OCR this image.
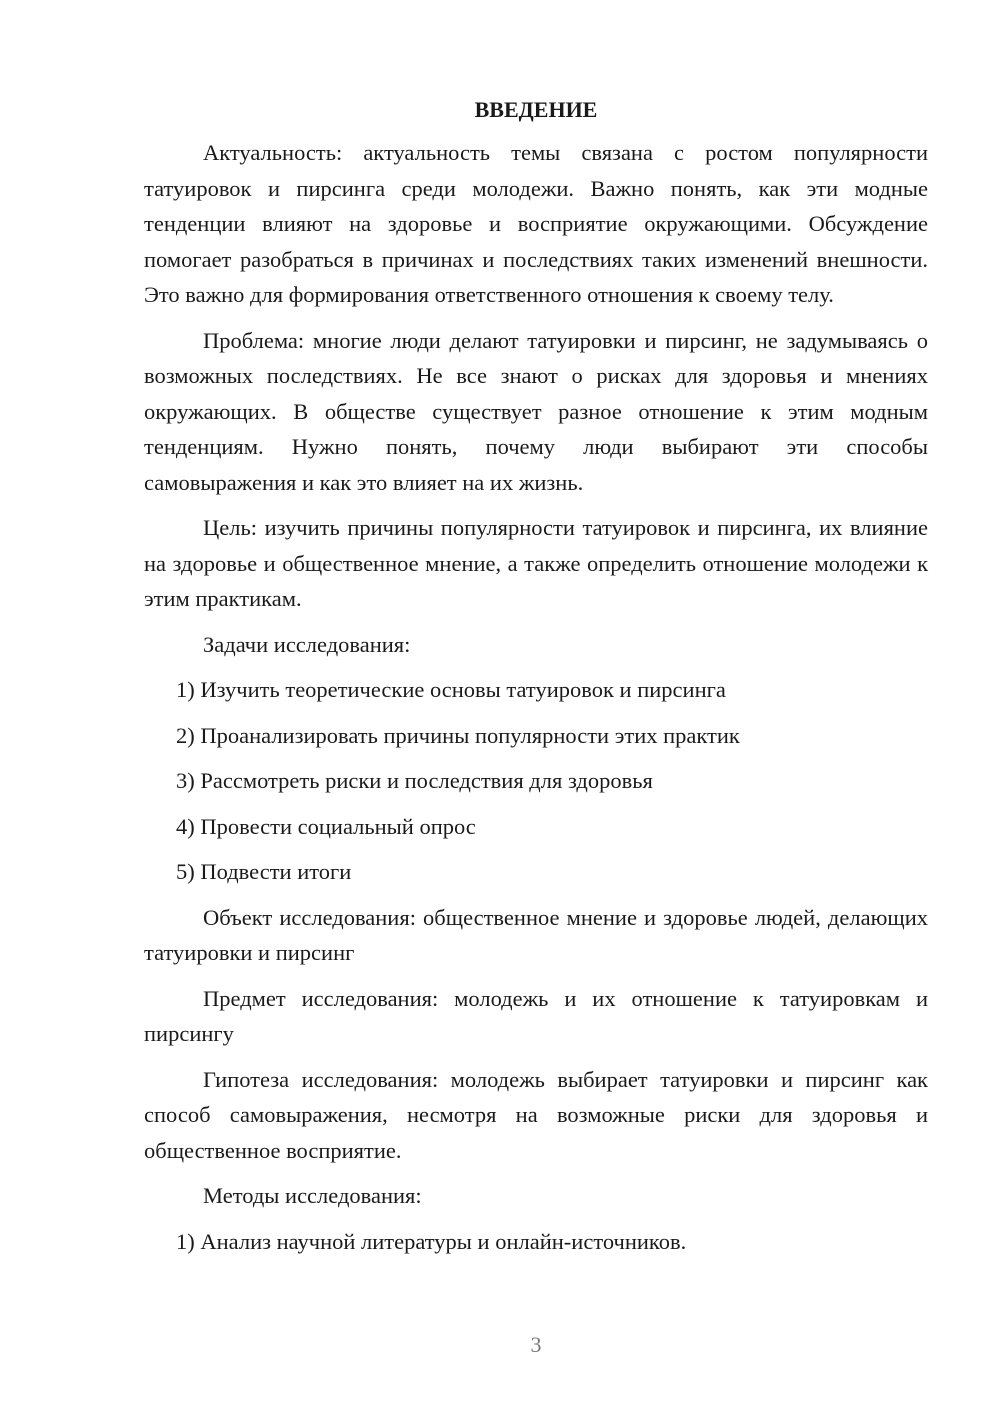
ВВЕДЕНИЕ

Актуальность: актуальность темы связана с ростом популярности татуировок и пирсинга среди молодежи. Важно понять, как эти модные тенденции влияют на здоровье и восприятие окружающими. Обсуждение помогает разобраться в причинах и последствиях таких изменений внешности. Это важно для формирования ответственного отношения к своему телу.

Проблема: многие люди делают татуировки и пирсинг, не задумываясь о возможных последствиях. Не все знают о рисках для здоровья и мнениях окружающих. В обществе существует разное отношение к этим модным тенденциям. Нужно понять, почему люди выбирают эти способы самовыражения и как это влияет на их жизнь.

Цель: изучить причины популярности татуировок и пирсинга, их влияние на здоровье и общественное мнение, а также определить отношение молодежи к этим практикам.

Задачи исследования:

1) Изучить теоретические основы татуировок и пирсинга
2) Проанализировать причины популярности этих практик
3) Рассмотреть риски и последствия для здоровья
4) Провести социальный опрос
5) Подвести итоги

Объект исследования: общественное мнение и здоровье людей, делающих татуировки и пирсинг

Предмет исследования: молодежь и их отношение к татуировкам и пирсингу

Гипотеза исследования: молодежь выбирает татуировки и пирсинг как способ самовыражения, несмотря на возможные риски для здоровья и общественное восприятие.

Методы исследования:

1) Анализ научной литературы и онлайн-источников.
3
